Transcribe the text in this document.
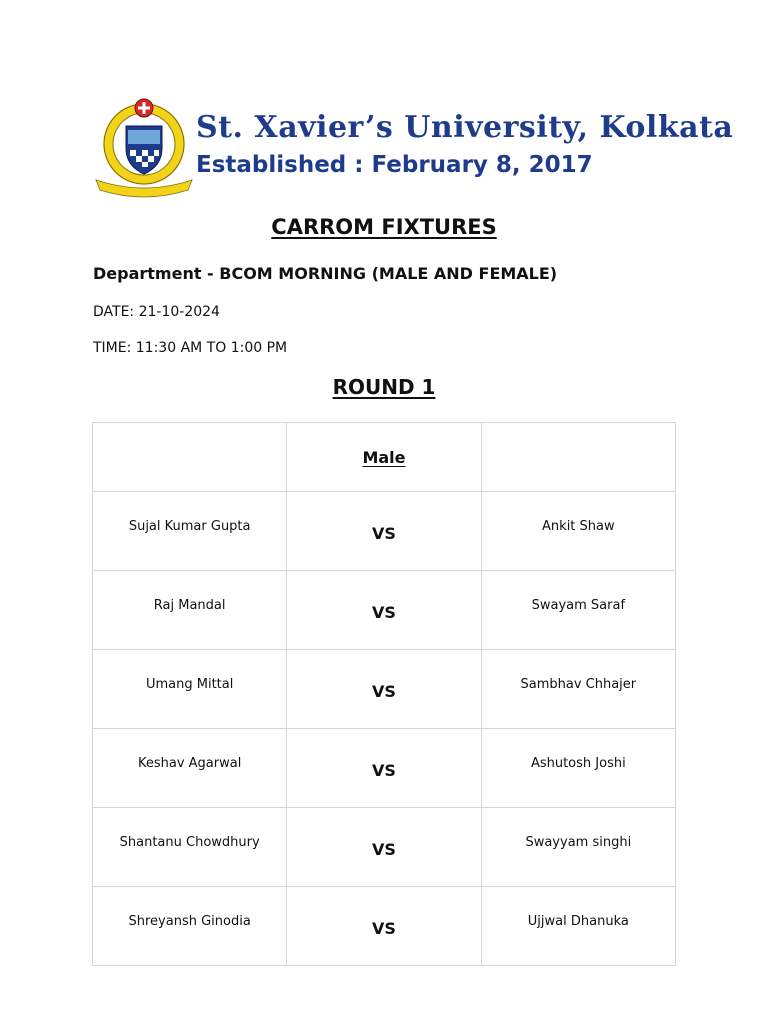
St. Xavier’s University, Kolkata
Established : February 8, 2017
CARROM FIXTURES
Department - BCOM MORNING (MALE AND FEMALE)
DATE: 21-10-2024
TIME: 11:30 AM TO 1:00 PM
ROUND 1
	Male	
Sujal Kumar Gupta	VS	Ankit Shaw
Raj Mandal	VS	Swayam Saraf
Umang Mittal	VS	Sambhav Chhajer
Keshav Agarwal	VS	Ashutosh Joshi
Shantanu Chowdhury	VS	Swayyam singhi
Shreyansh Ginodia	VS	Ujjwal Dhanuka
